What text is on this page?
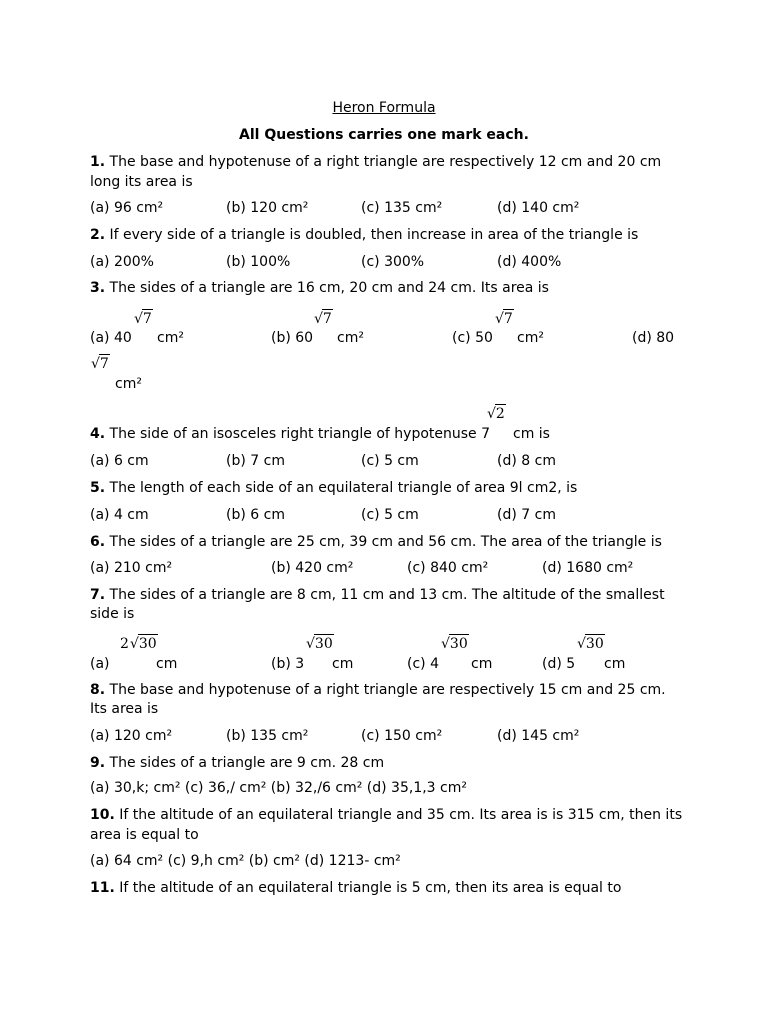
Heron Formula
All Questions carries one mark each.
1. The base and hypotenuse of a right triangle are respectively 12 cm and 20 cm
long its area is
(a) 96 cm²	(b) 120 cm²	(c) 135 cm²	(d) 140 cm²
2. If every side of a triangle is doubled, then increase in area of the triangle is
(a) 200%	(b) 100%	(c) 300%	(d) 400%
3. The sides of a triangle are 16 cm, 20 cm and 24 cm. Its area is
√7	√7	√7
(a) 40 cm²	(b) 60 cm²	(c) 50 cm²	(d) 80
√7
cm²
√2
4. The side of an isosceles right triangle of hypotenuse 7 cm is
(a) 6 cm	(b) 7 cm	(c) 5 cm	(d) 8 cm
5. The length of each side of an equilateral triangle of area 9l cm2, is
(a) 4 cm	(b) 6 cm	(c) 5 cm	(d) 7 cm
6. The sides of a triangle are 25 cm, 39 cm and 56 cm. The area of the triangle is
(a) 210 cm²	(b) 420 cm²	(c) 840 cm²	(d) 1680 cm²
7. The sides of a triangle are 8 cm, 11 cm and 13 cm. The altitude of the smallest
side is
2√30	√30	√30	√30
(a)	cm	(b) 3 cm	(c) 4 cm	(d) 5 cm
8. The base and hypotenuse of a right triangle are respectively 15 cm and 25 cm.
Its area is
(a) 120 cm²	(b) 135 cm²	(c) 150 cm²	(d) 145 cm²
9. The sides of a triangle are 9 cm. 28 cm
(a) 30,k; cm² (c) 36,/ cm² (b) 32,/6 cm² (d) 35,1,3 cm²
10. If the altitude of an equilateral triangle and 35 cm. Its area is is 315 cm, then its
area is equal to
(a) 64 cm² (c) 9,h cm² (b) cm² (d) 1213- cm²
11. If the altitude of an equilateral triangle is 5 cm, then its area is equal to
